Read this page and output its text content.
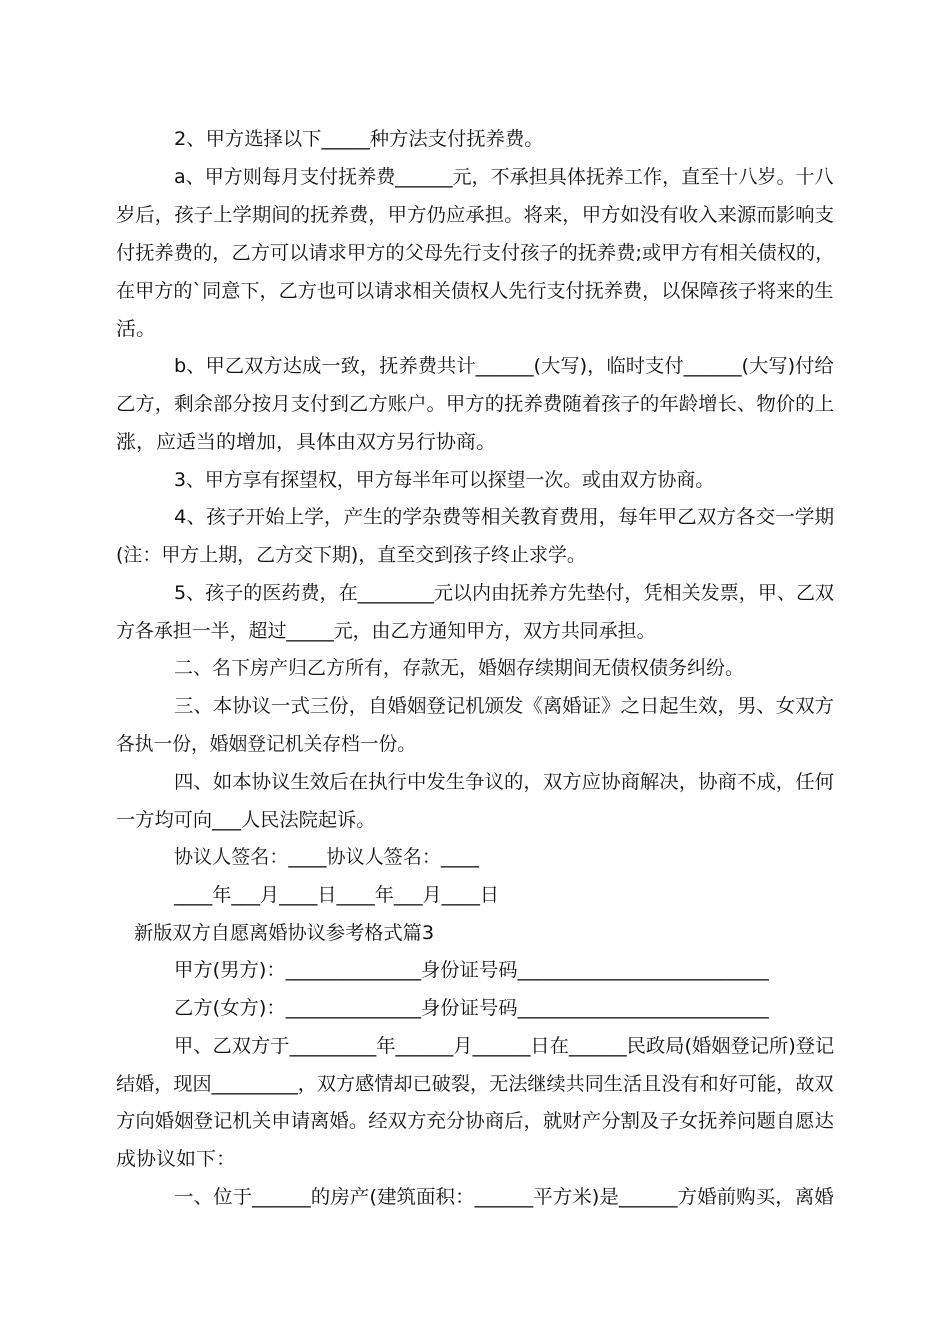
2、甲方选择以下_____种方法支付抚养费。
a、甲方则每月支付抚养费______元，不承担具体抚养工作，直至十八岁。十八
岁后，孩子上学期间的抚养费，甲方仍应承担。将来，甲方如没有收入来源而影响支
付抚养费的，乙方可以请求甲方的父母先行支付孩子的抚养费;或甲方有相关债权的，
在甲方的`同意下，乙方也可以请求相关债权人先行支付抚养费，以保障孩子将来的生
活。
b、甲乙双方达成一致，抚养费共计______(大写)，临时支付______(大写)付给
乙方，剩余部分按月支付到乙方账户。甲方的抚养费随着孩子的年龄增长、物价的上
涨，应适当的增加，具体由双方另行协商。
3、甲方享有探望权，甲方每半年可以探望一次。或由双方协商。
4、孩子开始上学，产生的学杂费等相关教育费用，每年甲乙双方各交一学期
(注：甲方上期，乙方交下期)，直至交到孩子终止求学。
5、孩子的医药费，在________元以内由抚养方先垫付，凭相关发票，甲、乙双
方各承担一半，超过_____元，由乙方通知甲方，双方共同承担。
二、名下房产归乙方所有，存款无，婚姻存续期间无债权债务纠纷。
三、本协议一式三份，自婚姻登记机颁发《离婚证》之日起生效，男、女双方
各执一份，婚姻登记机关存档一份。
四、如本协议生效后在执行中发生争议的，双方应协商解决，协商不成，任何
一方均可向___人民法院起诉。
协议人签名：____协议人签名：____
____年___月____日____年___月____日
新版双方自愿离婚协议参考格式篇3
甲方(男方)：______________身份证号码__________________________
乙方(女方)：______________身份证号码__________________________
甲、乙双方于_________年______月______日在______民政局(婚姻登记所)登记
结婚，现因_________，双方感情却已破裂，无法继续共同生活且没有和好可能，故双
方向婚姻登记机关申请离婚。经双方充分协商后，就财产分割及子女抚养问题自愿达
成协议如下：
一、位于______的房产(建筑面积：______平方米)是______方婚前购买，离婚
